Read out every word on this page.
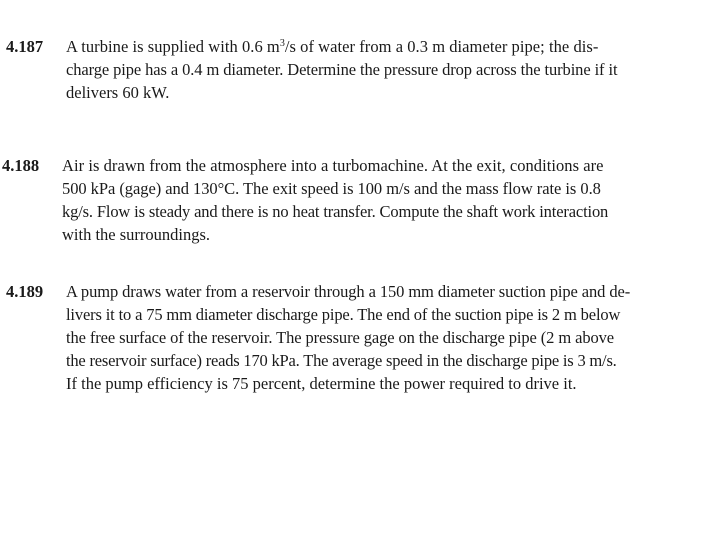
4.187 A turbine is supplied with 0.6 $m^3/s$ of water from a 0.3 m diameter pipe; the dis-
charge pipe has a 0.4 m diameter. Determine the pressure drop across the turbine if it
delivers 60 kW.
4.188 Air is drawn from the atmosphere into a turbomachine. At the exit, conditions are
500 kPa (gage) and 130°C. The exit speed is 100 m/s and the mass flow rate is 0.8
kg/s. Flow is steady and there is no heat transfer. Compute the shaft work interaction
with the surroundings.
4.189 A pump draws water from a reservoir through a 150 mm diameter suction pipe and de-
livers it to a 75 mm diameter discharge pipe. The end of the suction pipe is 2 m below
the free surface of the reservoir. The pressure gage on the discharge pipe (2 m above
the reservoir surface) reads 170 kPa. The average speed in the discharge pipe is 3 m/s.
If the pump efficiency is 75 percent, determine the power required to drive it.
